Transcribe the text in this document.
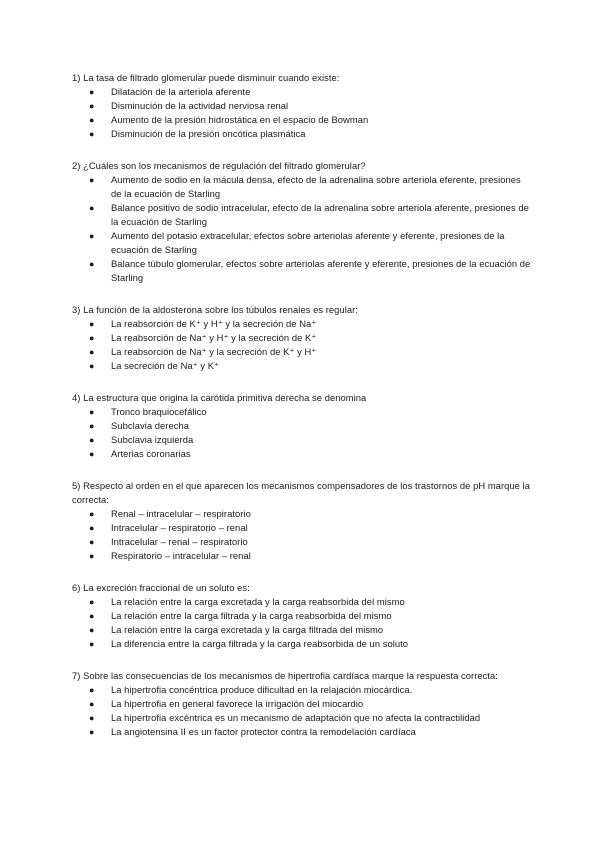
1) La tasa de filtrado glomerular puede disminuir cuando existe:

● Dilatación de la arteriola aferente
● Disminución de la actividad nerviosa renal
● Aumento de la presión hidrostática en el espacio de Bowman
● Disminución de la presión oncótica plasmática

2) ¿Cuáles son los mecanismos de regulación del filtrado glomerular?

● Aumento de sodio en la mácula densa, efecto de la adrenalina sobre arteriola eferente, presiones de la ecuación de Starling
● Balance positivo de sodio intracelular, efecto de la adrenalina sobre arteriola aferente, presiones de la ecuación de Starling
● Aumento del potasio extracelular, efectos sobre arteriolas aferente y eferente, presiones de la ecuación de Starling
● Balance túbulo glomerular, efectos sobre arteriolas aferente y eferente, presiones de la ecuación de Starling

3) La función de la aldosterona sobre los túbulos renales es regular:

● La reabsorción de K⁺ y H⁺ y la secreción de Na⁺
● La reabsorción de Na⁺ y H⁺ y la secreción de K⁺
● La reabsorción de Na⁺ y la secreción de K⁺ y H⁺
● La secreción de Na⁺ y K⁺

4) La estructura que origina la carótida primitiva derecha se denomina

● Tronco braquiocefálico
● Subclavia derecha
● Subclavia izquierda
● Arterias coronarias

5) Respecto al orden en el que aparecen los mecanismos compensadores de los trastornos de pH marque la correcta:

● Renal – intracelular – respiratorio
● Intracelular – respiratorio – renal
● Intracelular – renal – respiratorio
● Respiratorio – intracelular – renal

6) La excreción fraccional de un soluto es:

● La relación entre la carga excretada y la carga reabsorbida del mismo
● La relación entre la carga filtrada y la carga reabsorbida del mismo
● La relación entre la carga excretada y la carga filtrada del mismo
● La diferencia entre la carga filtrada y la carga reabsorbida de un soluto

7) Sobre las consecuencias de los mecanismos de hipertrofia cardíaca marque la respuesta correcta:

● La hipertrofia concéntrica produce dificultad en la relajación miocárdica.
● La hipertrofia en general favorece la irrigación del miocardio
● La hipertrofia excéntrica es un mecanismo de adaptación que no afecta la contractilidad
● La angiotensina II es un factor protector contra la remodelación cardíaca
